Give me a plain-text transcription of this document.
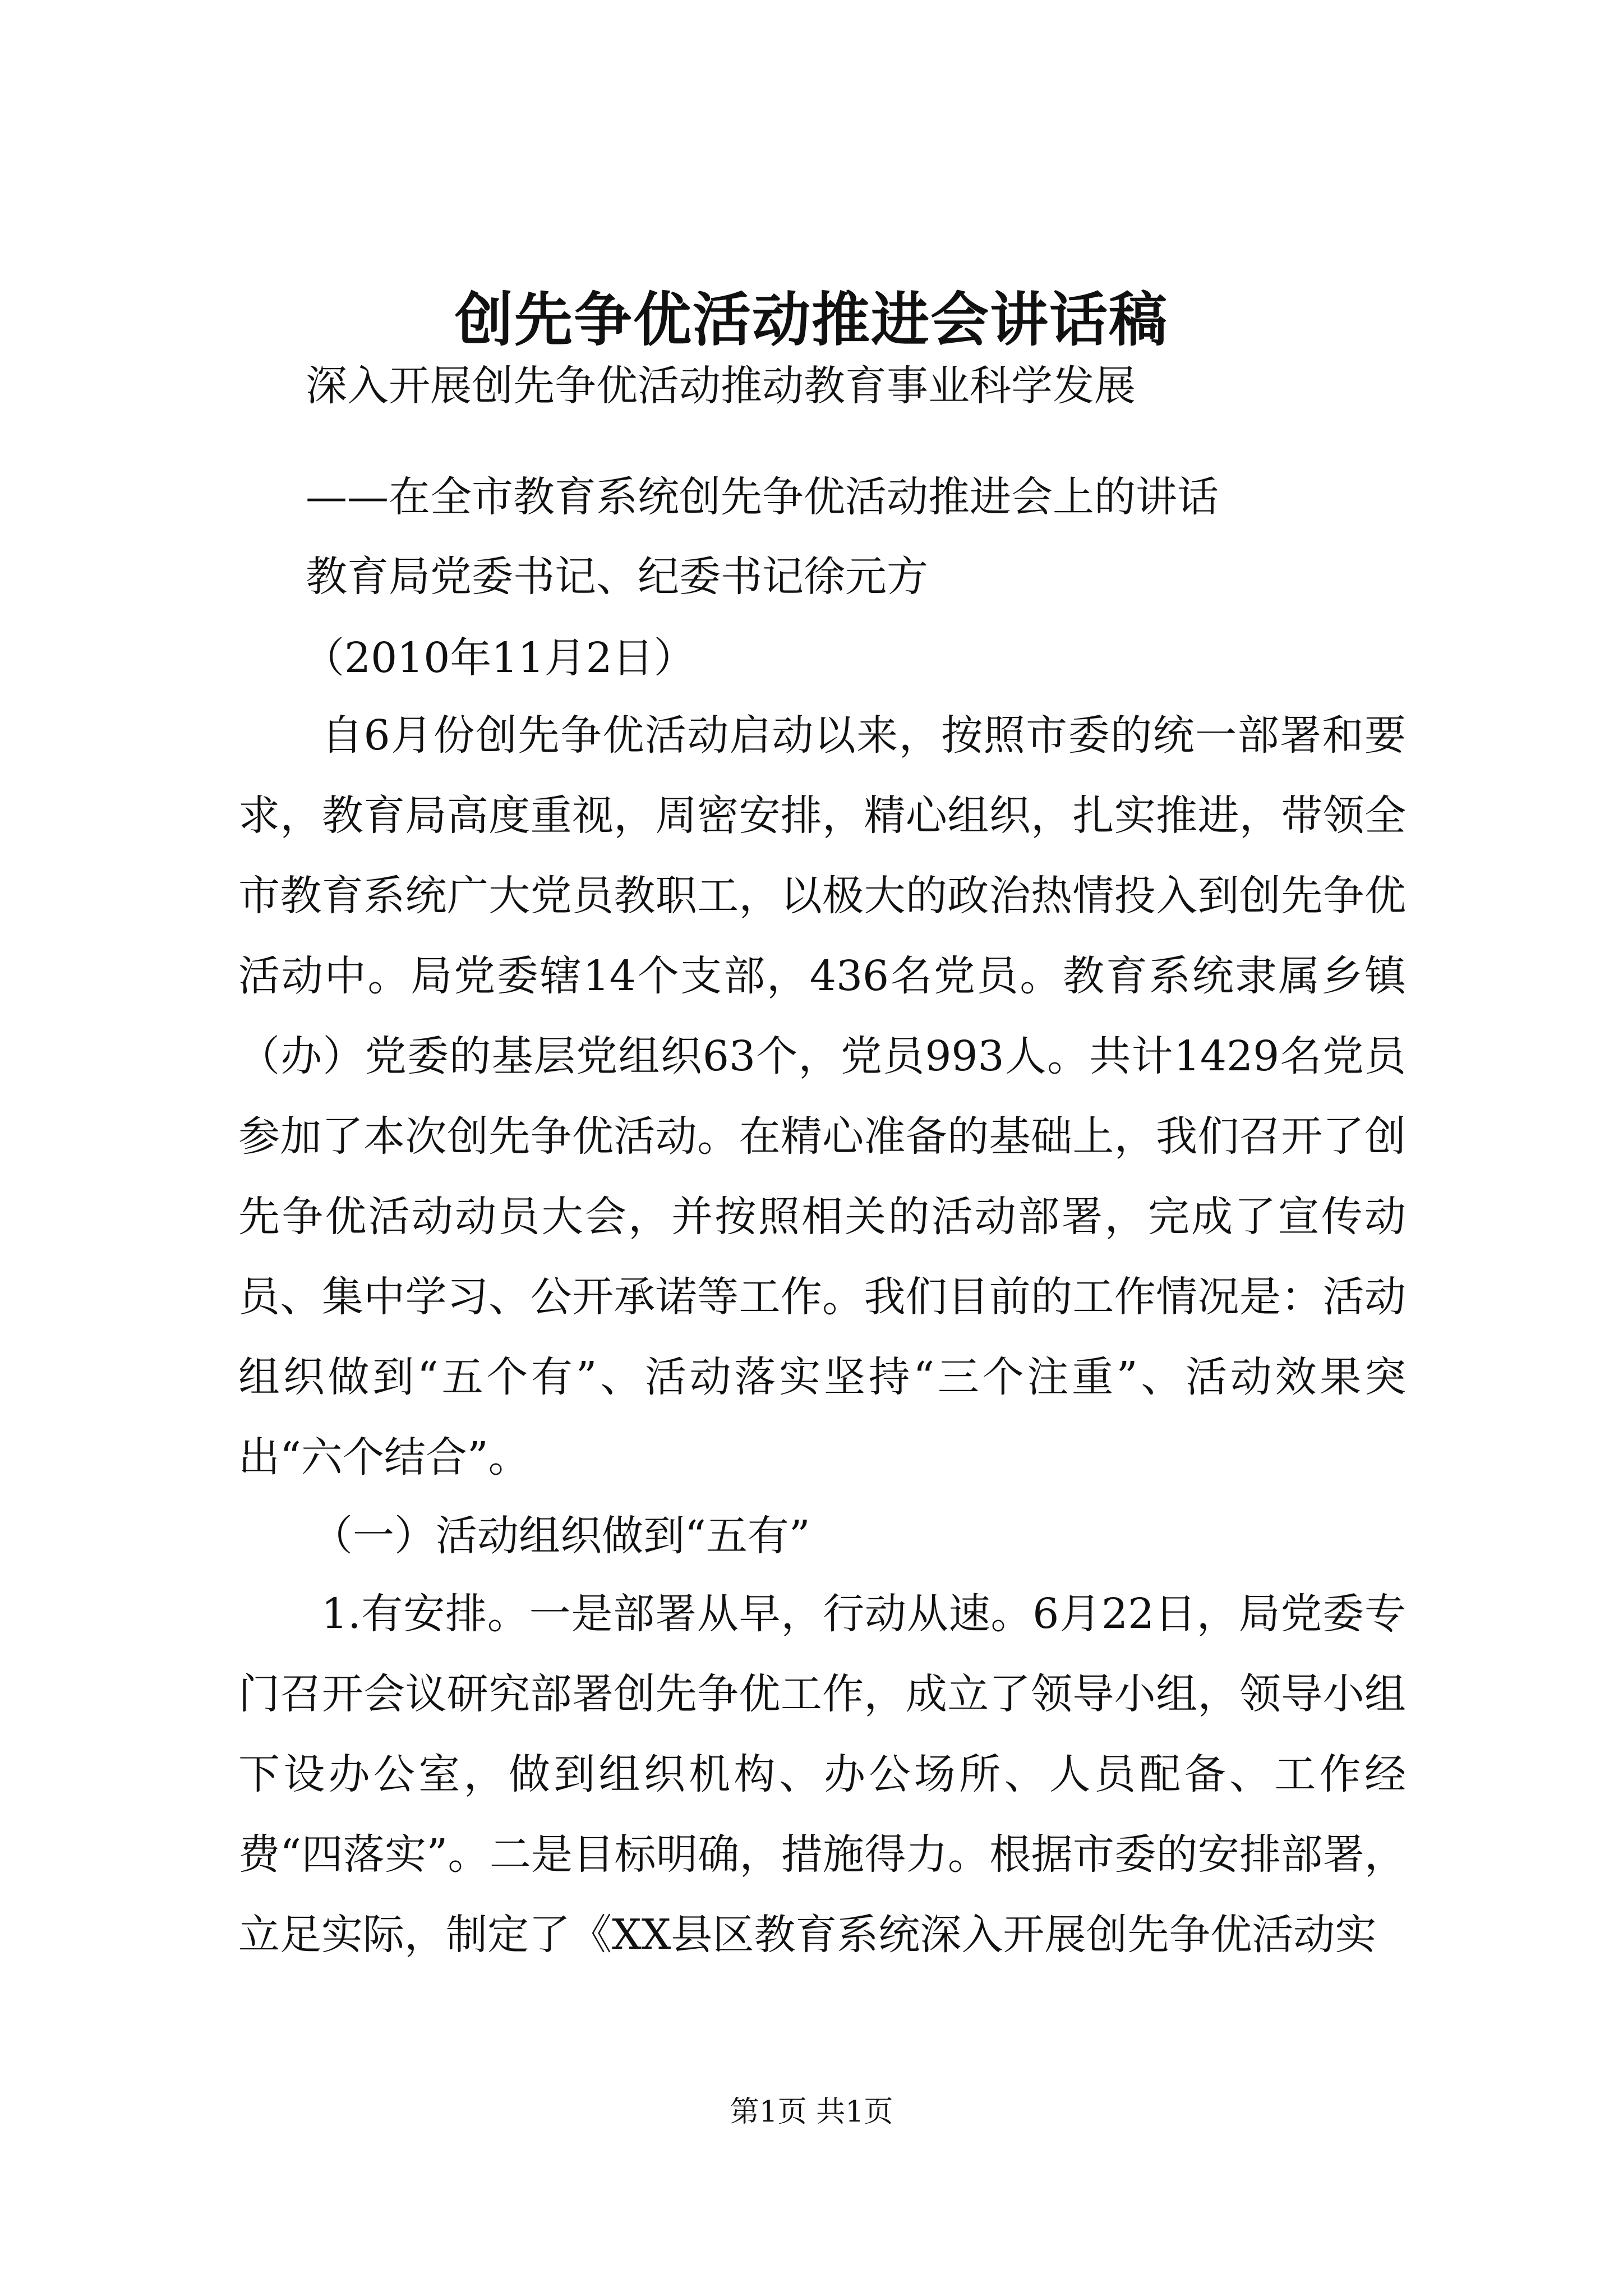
创先争优活动推进会讲话稿
深入开展创先争优活动推动教育事业科学发展
——在全市教育系统创先争优活动推进会上的讲话
教育局党委书记、纪委书记徐元方
（2010年11月2日）

自6月份创先争优活动启动以来，按照市委的统一部署和要求，教育局高度重视，周密安排，精心组织，扎实推进，带领全市教育系统广大党员教职工，以极大的政治热情投入到创先争优活动中。局党委辖14个支部，436名党员。教育系统隶属乡镇（办）党委的基层党组织63个，党员993人。共计1429名党员参加了本次创先争优活动。在精心准备的基础上，我们召开了创先争优活动动员大会，并按照相关的活动部署，完成了宣传动员、集中学习、公开承诺等工作。我们目前的工作情况是：活动组织做到“五个有”、活动落实坚持“三个注重”、活动效果突出“六个结合”。

（一）活动组织做到“五有”

1.有安排。一是部署从早，行动从速。6月22日，局党委专门召开会议研究部署创先争优工作，成立了领导小组，领导小组下设办公室，做到组织机构、办公场所、人员配备、工作经费“四落实”。二是目标明确，措施得力。根据市委的安排部署，立足实际，制定了《XX县区教育系统深入开展创先争优活动实

第1页 共1页
